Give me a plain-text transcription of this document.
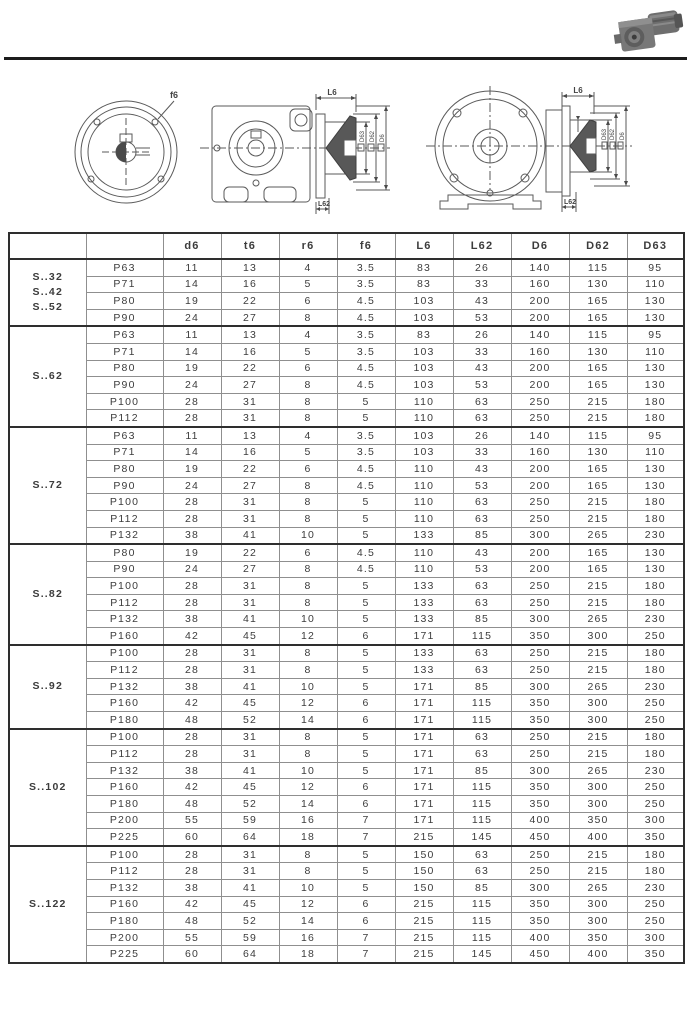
f6	L6
L62
D63 D62 D6
L6
L62
D63 D62 D6
		d6	t6	r6	f6	L6	L62	D6	D62	D63
S..32
S..42
S..52	P63	11	13	4	3.5	83	26	140	115	95
	P71	14	16	5	3.5	83	33	160	130	110
	P80	19	22	6	4.5	103	43	200	165	130
	P90	24	27	8	4.5	103	53	200	165	130
S..62	P63	11	13	4	3.5	83	26	140	115	95
	P71	14	16	5	3.5	103	33	160	130	110
	P80	19	22	6	4.5	103	43	200	165	130
	P90	24	27	8	4.5	103	53	200	165	130
	P100	28	31	8	5	110	63	250	215	180
	P112	28	31	8	5	110	63	250	215	180
S..72	P63	11	13	4	3.5	103	26	140	115	95
	P71	14	16	5	3.5	103	33	160	130	110
	P80	19	22	6	4.5	110	43	200	165	130
	P90	24	27	8	4.5	110	53	200	165	130
	P100	28	31	8	5	110	63	250	215	180
	P112	28	31	8	5	110	63	250	215	180
	P132	38	41	10	5	133	85	300	265	230
S..82	P80	19	22	6	4.5	110	43	200	165	130
	P90	24	27	8	4.5	110	53	200	165	130
	P100	28	31	8	5	133	63	250	215	180
	P112	28	31	8	5	133	63	250	215	180
	P132	38	41	10	5	133	85	300	265	230
	P160	42	45	12	6	171	115	350	300	250
S..92	P100	28	31	8	5	133	63	250	215	180
	P112	28	31	8	5	133	63	250	215	180
	P132	38	41	10	5	171	85	300	265	230
	P160	42	45	12	6	171	115	350	300	250
	P180	48	52	14	6	171	115	350	300	250
S..102	P100	28	31	8	5	171	63	250	215	180
	P112	28	31	8	5	171	63	250	215	180
	P132	38	41	10	5	171	85	300	265	230
	P160	42	45	12	6	171	115	350	300	250
	P180	48	52	14	6	171	115	350	300	250
	P200	55	59	16	7	171	115	400	350	300
	P225	60	64	18	7	215	145	450	400	350
S..122	P100	28	31	8	5	150	63	250	215	180
	P112	28	31	8	5	150	63	250	215	180
	P132	38	41	10	5	150	85	300	265	230
	P160	42	45	12	6	215	115	350	300	250
	P180	48	52	14	6	215	115	350	300	250
	P200	55	59	16	7	215	115	400	350	300
	P225	60	64	18	7	215	145	450	400	350
